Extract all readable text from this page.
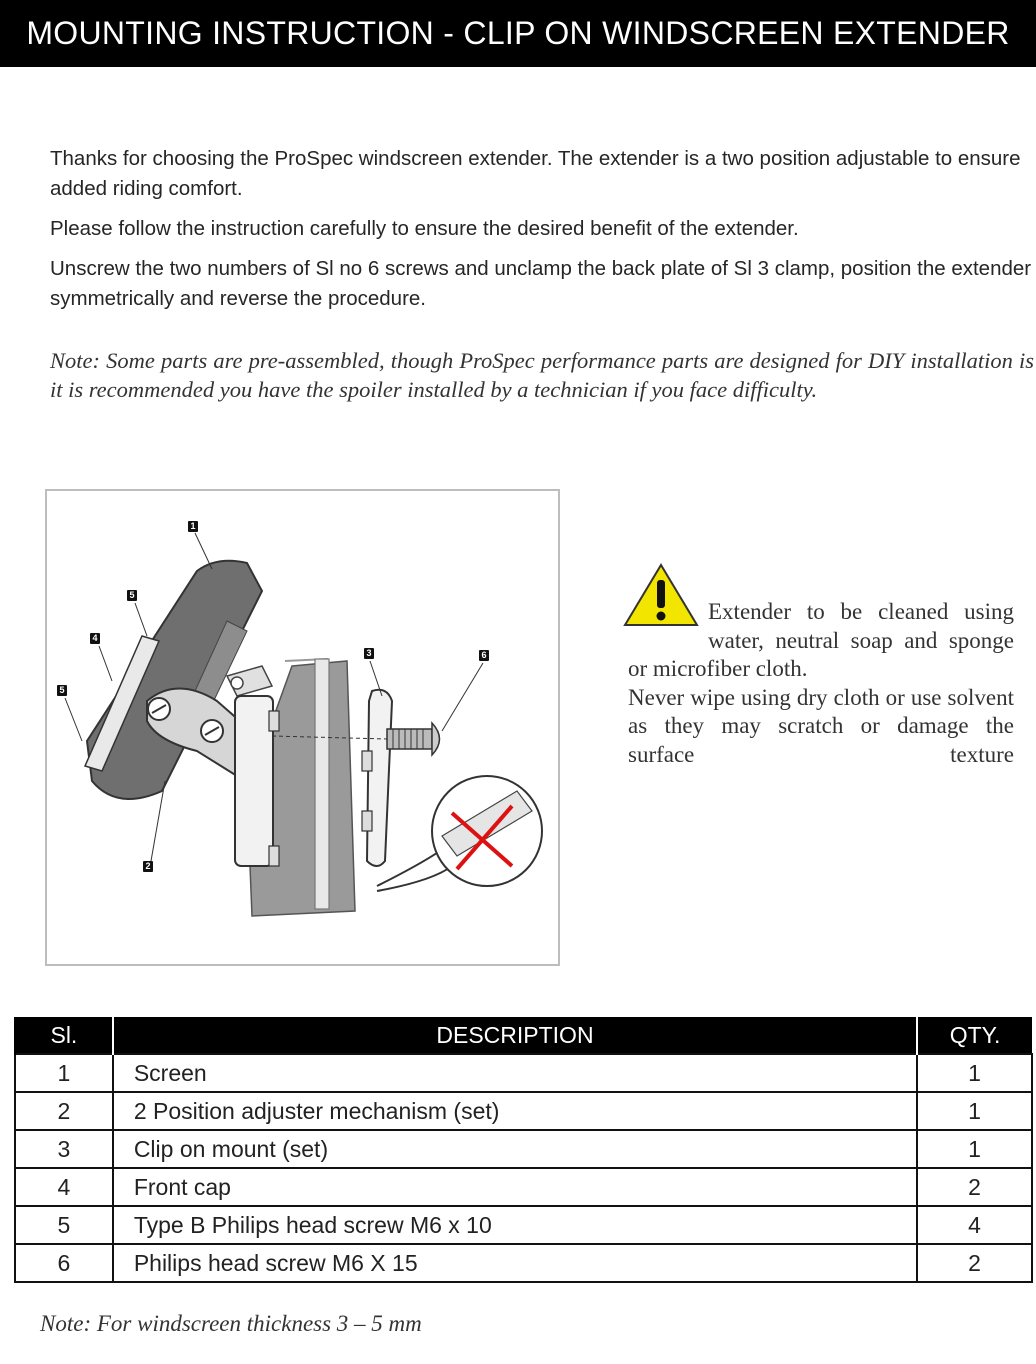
MOUNTING INSTRUCTION - CLIP ON WINDSCREEN EXTENDER

Thanks for choosing the ProSpec windscreen extender. The extender is a two position adjustable to ensure added riding comfort.

Please follow the instruction carefully to ensure the desired benefit of the extender.

Unscrew the two numbers of Sl no 6 screws and unclamp the back plate of Sl 3 clamp, position the extender symmetrically and reverse the procedure.

Note: Some parts are pre-assembled, though ProSpec performance parts are designed for DIY installation is it is recommended you have the spoiler installed by a technician if you face difficulty.

1
5
4
5
3	6
2

Extender to be cleaned using water, neutral soap and sponge or microfiber cloth.

Never wipe using dry cloth or use solvent as they may scratch or damage the surface texture

Sl.	DESCRIPTION	QTY.
1	Screen	1
2	2 Position adjuster mechanism (set)	1
3	Clip on mount (set)	1
4	Front cap	2
5	Type B Philips head screw M6 x 10	4
6	Philips head screw M6 X 15	2

Note: For windscreen thickness 3 – 5 mm
